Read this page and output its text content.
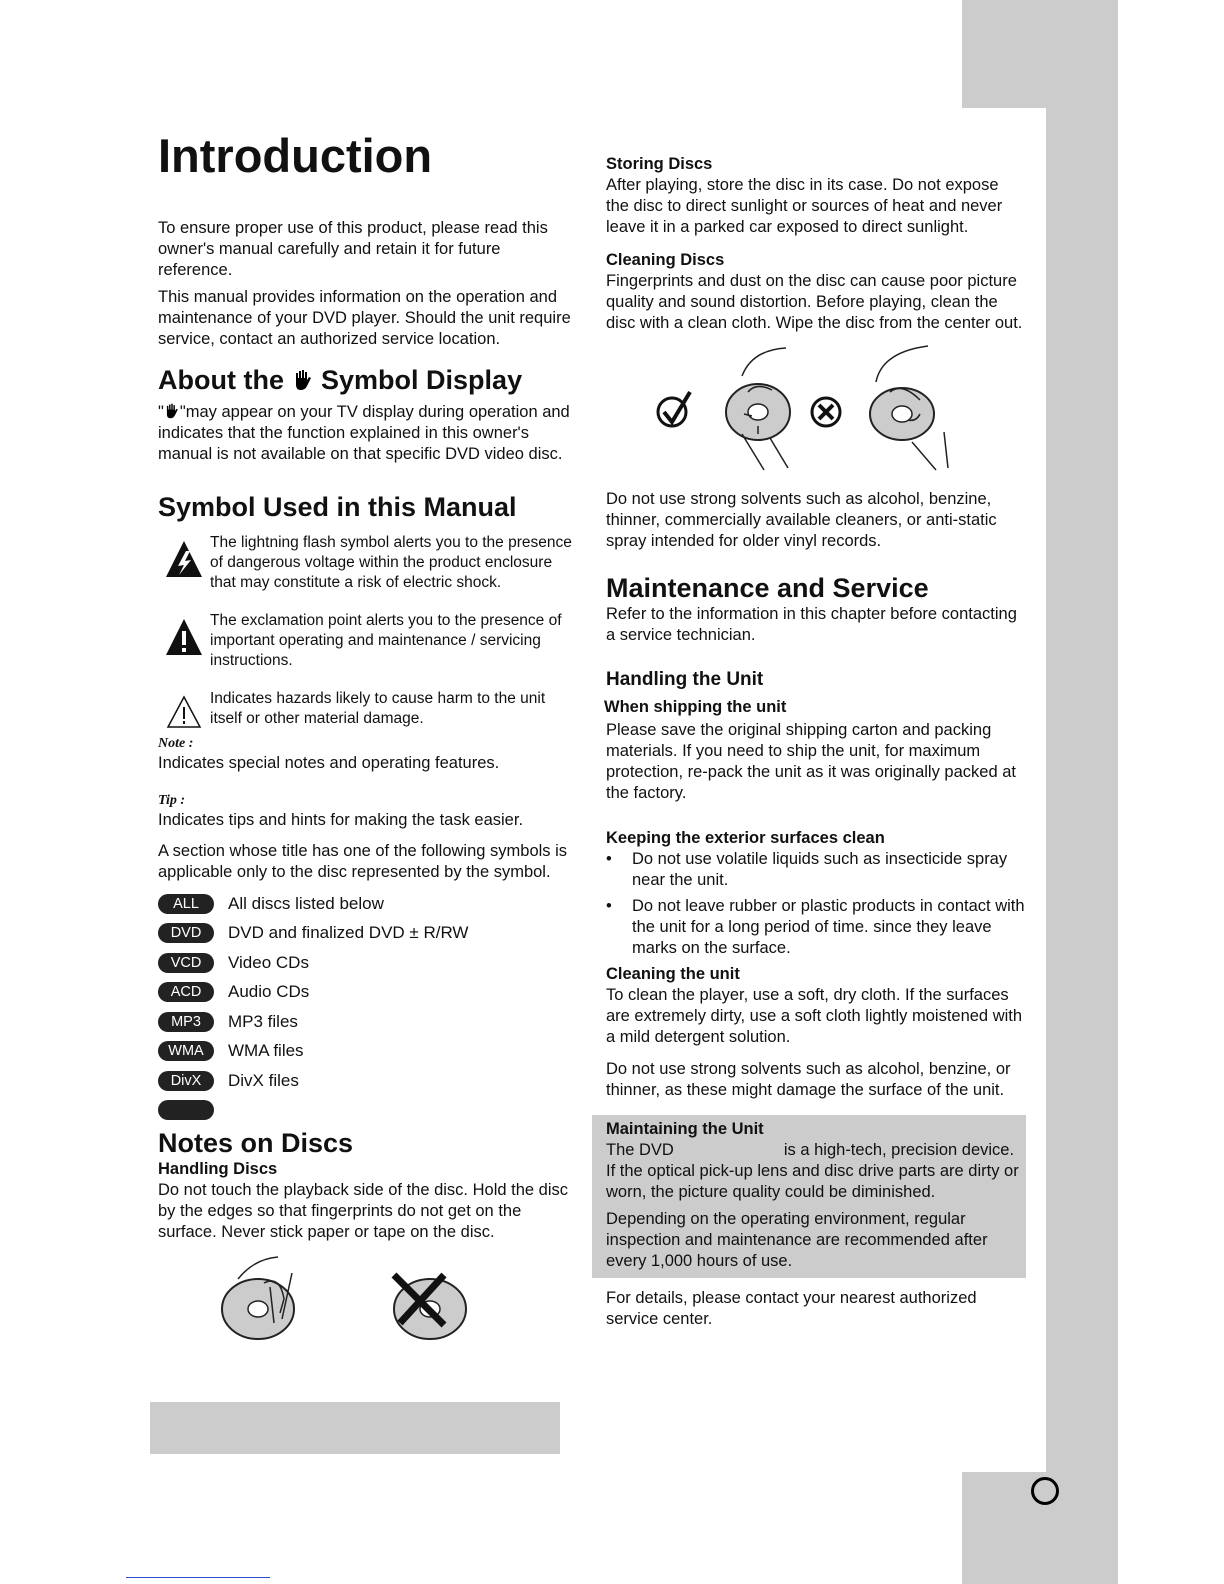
Introduction

To ensure proper use of this product, please read this owner's manual carefully and retain it for future reference.

This manual provides information on the operation and maintenance of your DVD player. Should the unit require service, contact an authorized service location.

About the Symbol Display

" "may appear on your TV display during operation and indicates that the function explained in this owner's manual is not available on that specific DVD video disc.

Symbol Used in this Manual
The lightning flash symbol alerts you to the presence of dangerous voltage within the product enclosure that may constitute a risk of electric shock.
The exclamation point alerts you to the presence of important operating and maintenance / servicing instructions.
Indicates hazards likely to cause harm to the unit itself or other material damage.
Note :

Indicates special notes and operating features.

Tip :

Indicates tips and hints for making the task easier.

A section whose title has one of the following symbols is applicable only to the disc represented by the symbol.

ALL	All discs listed below
DVD	DVD and finalized DVD ± R/RW
VCD	Video CDs
ACD	Audio CDs
MP3	MP3 files
WMA	WMA files
DivX	DivX files
Notes on Discs
Handling Discs

Do not touch the playback side of the disc. Hold the disc by the edges so that fingerprints do not get on the surface. Never stick paper or tape on the disc.

Storing Discs

After playing, store the disc in its case. Do not expose the disc to direct sunlight or sources of heat and never leave it in a parked car exposed to direct sunlight.

Cleaning Discs

Fingerprints and dust on the disc can cause poor picture quality and sound distortion. Before playing, clean the disc with a clean cloth. Wipe the disc from the center out.

Do not use strong solvents such as alcohol, benzine, thinner, commercially available cleaners, or anti-static spray intended for older vinyl records.

Maintenance and Service

Refer to the information in this chapter before contacting a service technician.

Handling the Unit
When shipping the unit

Please save the original shipping carton and packing materials. If you need to ship the unit, for maximum protection, re-pack the unit as it was originally packed at the factory.

Keeping the exterior surfaces clean
•	Do not use volatile liquids such as insecticide spray near the unit.
•	Do not leave rubber or plastic products in contact with the unit for a long period of time. since they leave marks on the surface.
Cleaning the unit

To clean the player, use a soft, dry cloth. If the surfaces are extremely dirty, use a soft cloth lightly moistened with a mild detergent solution.

Do not use strong solvents such as alcohol, benzine, or thinner, as these might damage the surface of the unit.

Maintaining the Unit

The DVD	is a high-tech, precision device. If the optical pick-up lens and disc drive parts are dirty or worn, the picture quality could be diminished.

Depending on the operating environment, regular inspection and maintenance are recommended after every 1,000 hours of use.

For details, please contact your nearest authorized service center.
